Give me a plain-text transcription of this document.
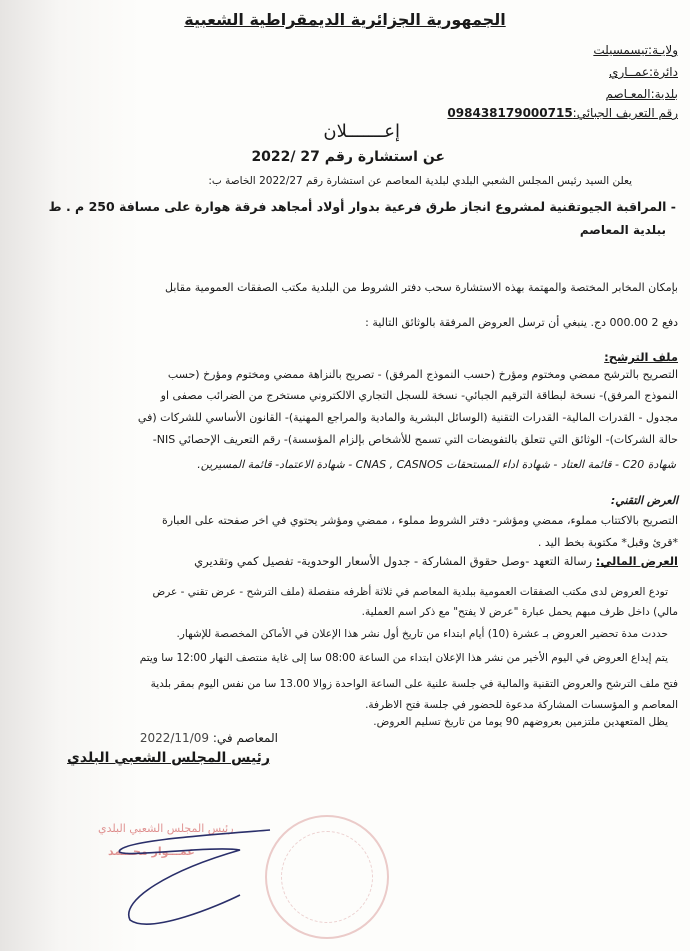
الجمهورية الجزائرية الديمقراطية الشعبية
ولايـة:تيسمسيلت
دائرة:عمــاري
بلدية:المعـاصم
رقم التعريف الجبائي:098438179000715
إعـــــــلان
عن استشارة رقم 27 /2022
يعلن السيد رئيس المجلس الشعبي البلدي لبلدية المعاصم عن استشارة رقم 2022/27 الخاصة ب:
- المراقبة الجيوتقنية لمشروع انجاز طرق فرعية بدوار أولاد أمجاهد فرقة هوارة على مسافة 250 م . ط
ببلدية المعاصم
بإمكان المخابر المختصة والمهتمة بهذه الاستشارة سحب دفتر الشروط من البلدية مكتب الصفقات العمومية مقابل
دفع 2 000.00 دج. ينبغي أن ترسل العروض المرفقة بالوثائق التالية :
ملف الترشح:
التصريح بالترشح ممضي ومختوم ومؤرخ (حسب النموذج المرفق) - تصريح بالنزاهة ممضي ومختوم ومؤرخ (حسب
النموذج المرفق)- نسخة لبطاقة الترقيم الجبائي- نسخة للسجل التجاري الالكتروني مستخرج من الضرائب مصفى او
مجدول - القدرات المالية- القدرات التقنية (الوسائل البشرية والمادية والمراجع المهنية)- القانون الأساسي للشركات (في
حالة الشركات)- الوثائق التي تتعلق بالتفويضات التي تسمح للأشخاص بإلزام المؤسسة)- رقم التعريف الإحصائي NIS-
شهادة C20 - قائمة العتاد - شهادة اداء المستحقات CNAS , CASNOS - شهادة الاعتماد- قائمة المسيرين.
العرض التقني:
التصريح بالاكتتاب مملوء، ممضي ومؤشر- دفتر الشروط مملوء ، ممضي ومؤشر يحتوي في اخر صفحته على العبارة
*قرئ وقبل* مكتوبة بخط اليد .
العرض المالي: رسالة التعهد -وصل حقوق المشاركة - جدول الأسعار الوحدوية- تفصيل كمي وتقديري
تودع العروض لدى مكتب الصفقات العمومية ببلدية المعاصم في ثلاثة أظرفه منفصلة (ملف الترشح - عرض تقني - عرض
مالي) داخل ظرف مبهم يحمل عبارة "عرض لا يفتح" مع ذكر اسم العملية.
حددت مدة تحضير العروض بـ عشرة (10) أيام ابتداء من تاريخ أول نشر هذا الإعلان في الأماكن المخصصة للإشهار.
يتم إيداع العروض في اليوم الأخير من نشر هذا الإعلان ابتداء من الساعة 08:00 سا إلى غاية منتصف النهار 12:00 سا ويتم
فتح ملف الترشح والعروض التقنية والمالية في جلسة علنية على الساعة الواحدة زوالا 13.00 سا من نفس اليوم بمقر بلدية
المعاصم و المؤسسات المشاركة مدعوة للحضور في جلسة فتح الاظرفة.
يظل المتعهدين ملتزمين بعروضهم 90 يوما من تاريخ تسليم العروض.
المعاصم في: 2022/11/09
رئيس المجلس الشعبي البلدي
رئيس المجلس الشعبي البلدي
عمـــوار محـــمد
